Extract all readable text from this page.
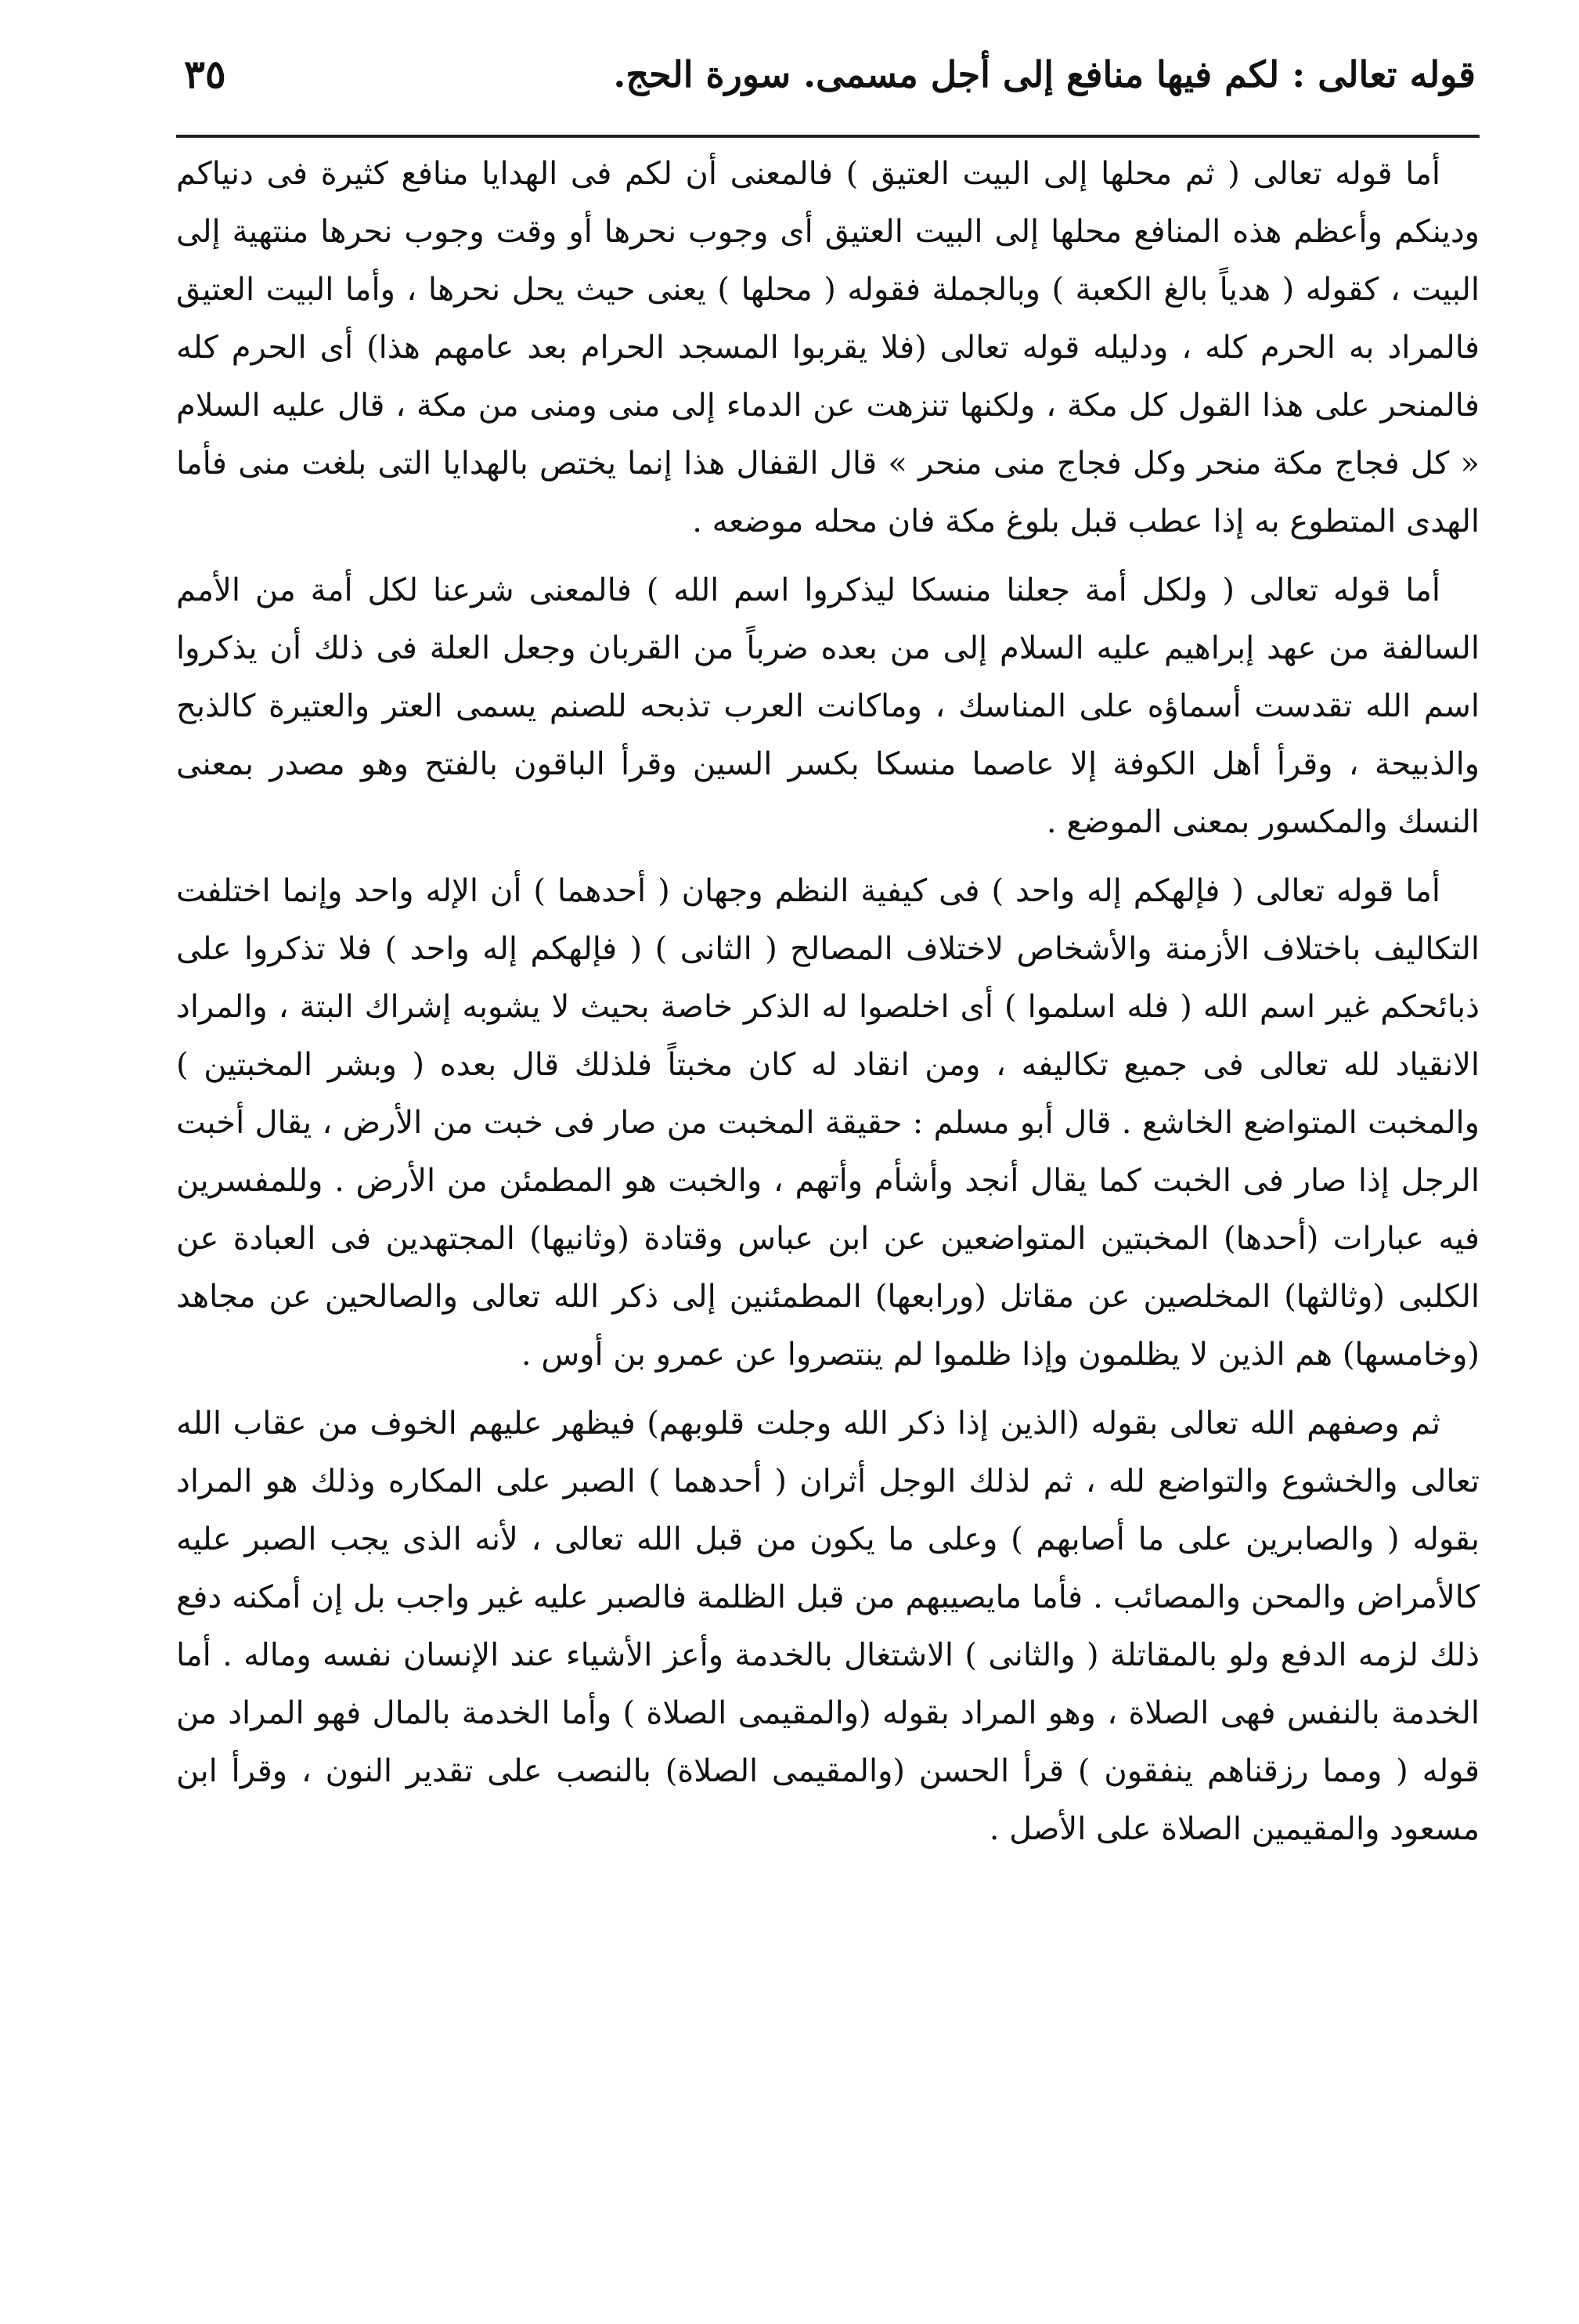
قوله تعالى : لكم فيها منافع إلى أجل مسمى. سورة الحج.
٣٥

أما قوله تعالى ( ثم محلها إلى البيت العتيق ) فالمعنى أن لكم فى الهدايا منافع كثيرة فى دنياكم ودينكم وأعظم هذه المنافع محلها إلى البيت العتيق أى وجوب نحرها أو وقت وجوب نحرها منتهية إلى البيت ، كقوله ( هدياً بالغ الكعبة ) وبالجملة فقوله ( محلها ) يعنى حيث يحل نحرها ، وأما البيت العتيق فالمراد به الحرم كله ، ودليله قوله تعالى (فلا يقربوا المسجد الحرام بعد عامهم هذا) أى الحرم كله فالمنحر على هذا القول كل مكة ، ولكنها تنزهت عن الدماء إلى منى ومنى من مكة ، قال عليه السلام « كل فجاج مكة منحر وكل فجاج منى منحر » قال القفال هذا إنما يختص بالهدايا التى بلغت منى فأما الهدى المتطوع به إذا عطب قبل بلوغ مكة فان محله موضعه .

أما قوله تعالى ( ولكل أمة جعلنا منسكا ليذكروا اسم الله ) فالمعنى شرعنا لكل أمة من الأمم السالفة من عهد إبراهيم عليه السلام إلى من بعده ضرباً من القربان وجعل العلة فى ذلك أن يذكروا اسم الله تقدست أسماؤه على المناسك ، وماكانت العرب تذبحه للصنم يسمى العتر والعتيرة كالذبح والذبيحة ، وقرأ أهل الكوفة إلا عاصما منسكا بكسر السين وقرأ الباقون بالفتح وهو مصدر بمعنى النسك والمكسور بمعنى الموضع .

أما قوله تعالى ( فإلهكم إله واحد ) فى كيفية النظم وجهان ( أحدهما ) أن الإله واحد وإنما اختلفت التكاليف باختلاف الأزمنة والأشخاص لاختلاف المصالح ( الثانى ) ( فإلهكم إله واحد ) فلا تذكروا على ذبائحكم غير اسم الله ( فله اسلموا ) أى اخلصوا له الذكر خاصة بحيث لا يشوبه إشراك البتة ، والمراد الانقياد لله تعالى فى جميع تكاليفه ، ومن انقاد له كان مخبتاً فلذلك قال بعده ( وبشر المخبتين ) والمخبت المتواضع الخاشع . قال أبو مسلم : حقيقة المخبت من صار فى خبت من الأرض ، يقال أخبت الرجل إذا صار فى الخبت كما يقال أنجد وأشأم وأتهم ، والخبت هو المطمئن من الأرض . وللمفسرين فيه عبارات (أحدها) المخبتين المتواضعين عن ابن عباس وقتادة (وثانيها) المجتهدين فى العبادة عن الكلبى (وثالثها) المخلصين عن مقاتل (ورابعها) المطمئنين إلى ذكر الله تعالى والصالحين عن مجاهد (وخامسها) هم الذين لا يظلمون وإذا ظلموا لم ينتصروا عن عمرو بن أوس .

ثم وصفهم الله تعالى بقوله (الذين إذا ذكر الله وجلت قلوبهم) فيظهر عليهم الخوف من عقاب الله تعالى والخشوع والتواضع لله ، ثم لذلك الوجل أثران ( أحدهما ) الصبر على المكاره وذلك هو المراد بقوله ( والصابرين على ما أصابهم ) وعلى ما يكون من قبل الله تعالى ، لأنه الذى يجب الصبر عليه كالأمراض والمحن والمصائب . فأما مايصيبهم من قبل الظلمة فالصبر عليه غير واجب بل إن أمكنه دفع ذلك لزمه الدفع ولو بالمقاتلة ( والثانى ) الاشتغال بالخدمة وأعز الأشياء عند الإنسان نفسه وماله . أما الخدمة بالنفس فهى الصلاة ، وهو المراد بقوله (والمقيمى الصلاة ) وأما الخدمة بالمال فهو المراد من قوله ( ومما رزقناهم ينفقون ) قرأ الحسن (والمقيمى الصلاة) بالنصب على تقدير النون ، وقرأ ابن مسعود والمقيمين الصلاة على الأصل .
